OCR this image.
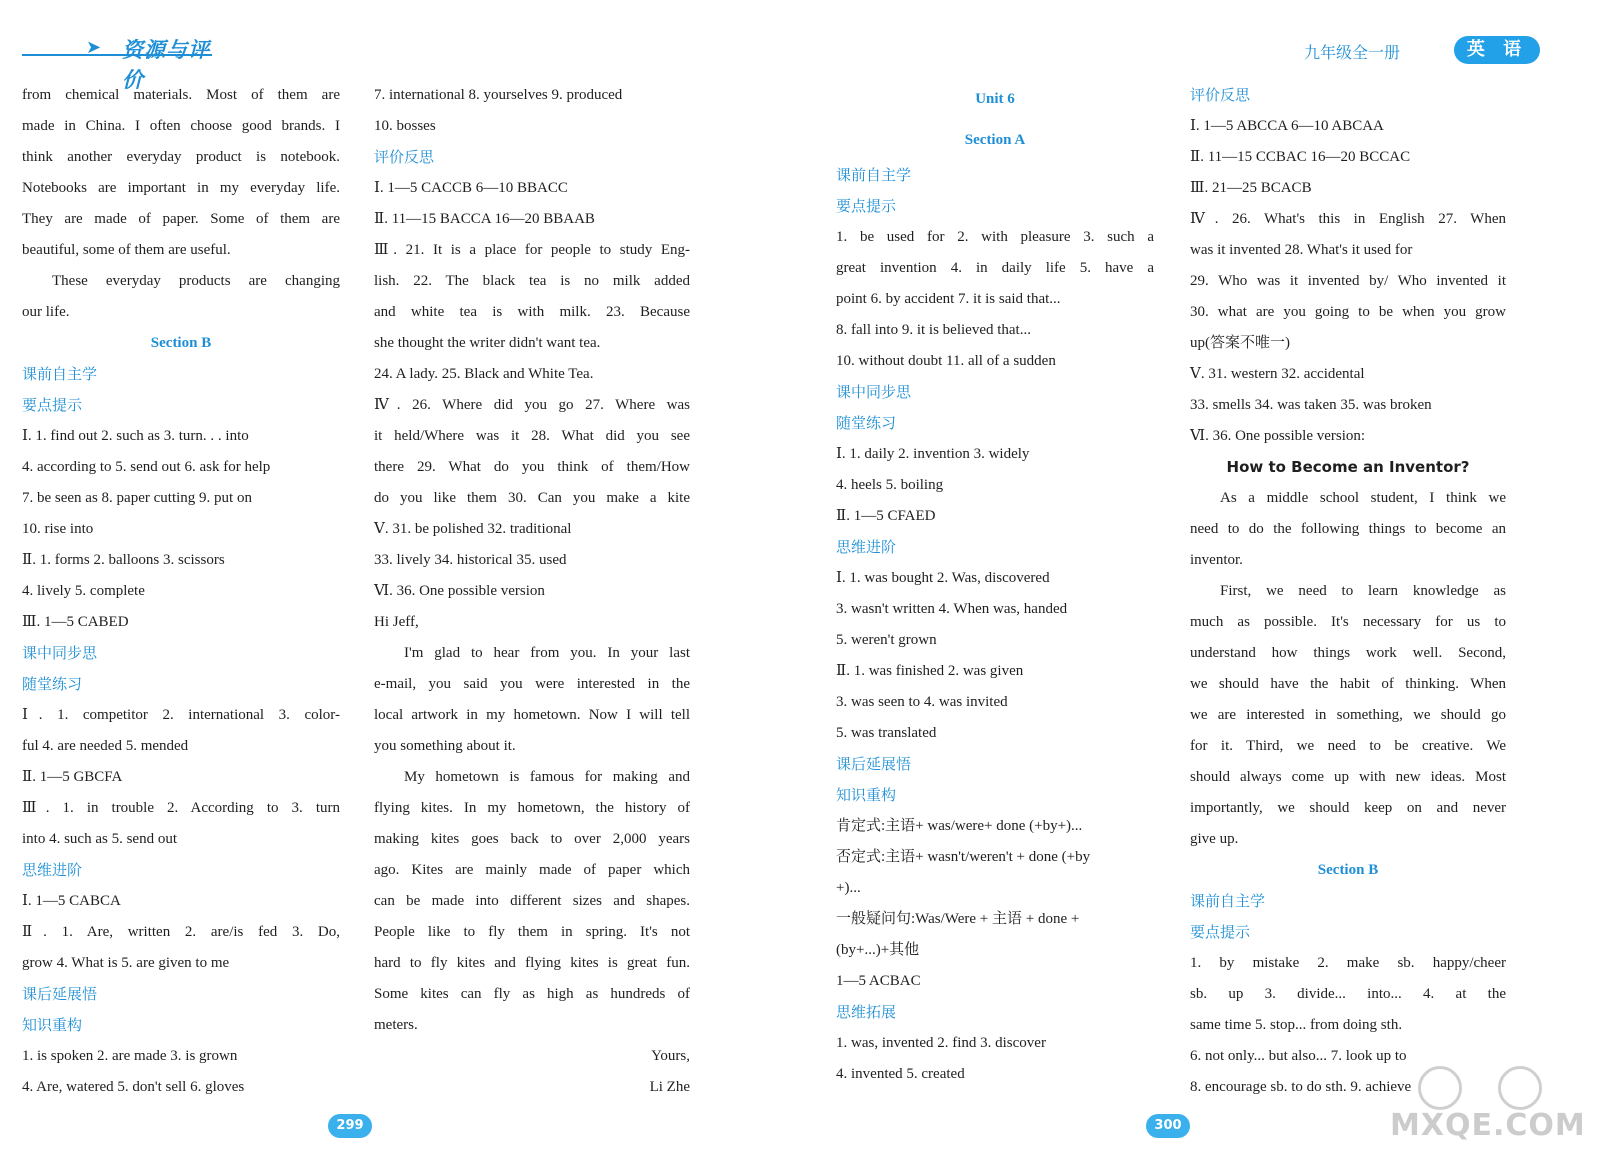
➤ 资源与评价
九年级全一册	英 语
from chemical materials. Most of them are
made in China. I often choose good brands. I
think another everyday product is notebook.
Notebooks are important in my everyday life.
They are made of paper. Some of them are
beautiful, some of them are useful.
These everyday products are changing
our life.
Section B
课前自主学
要点提示
Ⅰ. 1. find out 2. such as 3. turn. . . into
4. according to 5. send out 6. ask for help
7. be seen as 8. paper cutting 9. put on
10. rise into
Ⅱ. 1. forms 2. balloons 3. scissors
4. lively 5. complete
Ⅲ. 1—5 CABED
课中同步思
随堂练习
Ⅰ. 1. competitor 2. international 3. color-
ful 4. are needed 5. mended
Ⅱ. 1—5 GBCFA
Ⅲ. 1. in trouble 2. According to 3. turn
into 4. such as 5. send out
思维进阶
Ⅰ. 1—5 CABCA
Ⅱ. 1. Are, written 2. are/is fed 3. Do,
grow 4. What is 5. are given to me
课后延展悟
知识重构
1. is spoken 2. are made 3. is grown
4. Are, watered 5. don't sell 6. gloves
7. international 8. yourselves 9. produced
10. bosses
评价反思
Ⅰ. 1—5 CACCB 6—10 BBACC
Ⅱ. 11—15 BACCA 16—20 BBAAB
Ⅲ. 21. It is a place for people to study Eng-
lish. 22. The black tea is no milk added
and white tea is with milk. 23. Because
she thought the writer didn't want tea.
24. A lady. 25. Black and White Tea.
Ⅳ. 26. Where did you go 27. Where was
it held/Where was it 28. What did you see
there 29. What do you think of them/How
do you like them 30. Can you make a kite
Ⅴ. 31. be polished 32. traditional
33. lively 34. historical 35. used
Ⅵ. 36. One possible version
Hi Jeff,
I'm glad to hear from you. In your last
e-mail, you said you were interested in the
local artwork in my hometown. Now I will tell
you something about it.
My hometown is famous for making and
flying kites. In my hometown, the history of
making kites goes back to over 2,000 years
ago. Kites are mainly made of paper which
can be made into different sizes and shapes.
People like to fly them in spring. It's not
hard to fly kites and flying kites is great fun.
Some kites can fly as high as hundreds of
meters.
Yours,
Li Zhe
Unit 6
Section A
课前自主学
要点提示
1. be used for 2. with pleasure 3. such a
great invention 4. in daily life 5. have a
point 6. by accident 7. it is said that...
8. fall into 9. it is believed that...
10. without doubt 11. all of a sudden
课中同步思
随堂练习
Ⅰ. 1. daily 2. invention 3. widely
4. heels 5. boiling
Ⅱ. 1—5 CFAED
思维进阶
Ⅰ. 1. was bought 2. Was, discovered
3. wasn't written 4. When was, handed
5. weren't grown
Ⅱ. 1. was finished 2. was given
3. was seen to 4. was invited
5. was translated
课后延展悟
知识重构
肯定式:主语+ was/were+ done (+by+)...
否定式:主语+ wasn't/weren't + done (+by
+)...
一般疑问句:Was/Were + 主语 + done +
(by+...)+其他
1—5 ACBAC
思维拓展
1. was, invented 2. find 3. discover
4. invented 5. created
评价反思
Ⅰ. 1—5 ABCCA 6—10 ABCAA
Ⅱ. 11—15 CCBAC 16—20 BCCAC
Ⅲ. 21—25 BCACB
Ⅳ. 26. What's this in English 27. When
was it invented 28. What's it used for
29. Who was it invented by/ Who invented it
30. what are you going to be when you grow
up(答案不唯一)
Ⅴ. 31. western 32. accidental
33. smells 34. was taken 35. was broken
Ⅵ. 36. One possible version:
How to Become an Inventor?
As a middle school student, I think we
need to do the following things to become an
inventor.
First, we need to learn knowledge as
much as possible. It's necessary for us to
understand how things work well. Second,
we should have the habit of thinking. When
we are interested in something, we should go
for it. Third, we need to be creative. We
should always come up with new ideas. Most
importantly, we should keep on and never
give up.
Section B
课前自主学
要点提示
1. by mistake 2. make sb. happy/cheer
sb. up 3. divide... into... 4. at the
same time 5. stop... from doing sth.
6. not only... but also... 7. look up to
8. encourage sb. to do sth. 9. achieve
299	300	MXQE.COM
